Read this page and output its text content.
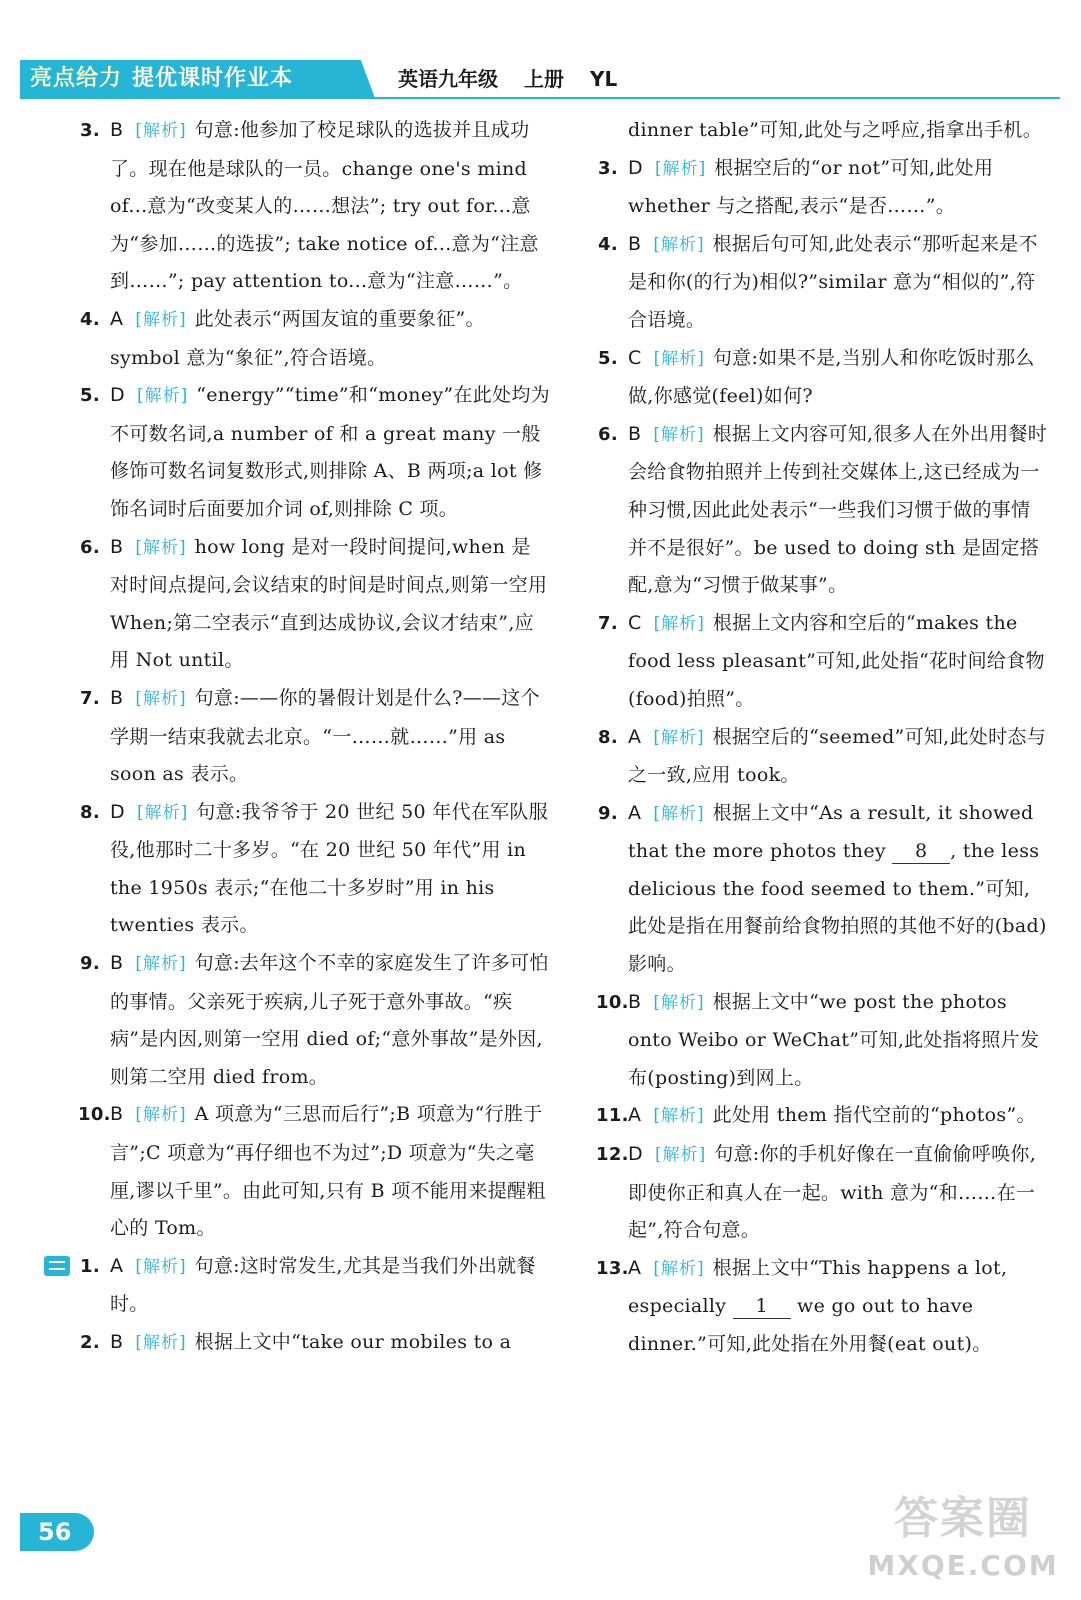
亮点给力 提优课时作业本	英语九年级 上册 YL
3. B [解析] 句意:他参加了校足球队的选拔并且成功了。现在他是球队的一员。change one's mind of...意为“改变某人的……想法”; try out for...意为“参加……的选拔”; take notice of...意为“注意到……”; pay attention to...意为“注意……”。
4. A [解析] 此处表示“两国友谊的重要象征”。symbol 意为“象征”,符合语境。
5. D [解析] “energy”“time”和“money”在此处均为不可数名词,a number of 和 a great many 一般修饰可数名词复数形式,则排除 A、B 两项;a lot 修饰名词时后面要加介词 of,则排除 C 项。
6. B [解析] how long 是对一段时间提问,when 是对时间点提问,会议结束的时间是时间点,则第一空用 When;第二空表示“直到达成协议,会议才结束”,应用 Not until。
7. B [解析] 句意:——你的暑假计划是什么?——这个学期一结束我就去北京。“一……就……”用 as soon as 表示。
8. D [解析] 句意:我爷爷于 20 世纪 50 年代在军队服役,他那时二十多岁。“在 20 世纪 50 年代”用 in the 1950s 表示;“在他二十多岁时”用 in his twenties 表示。
9. B [解析] 句意:去年这个不幸的家庭发生了许多可怕的事情。父亲死于疾病,儿子死于意外事故。“疾病”是内因,则第一空用 died of;“意外事故”是外因,则第二空用 died from。
10. B [解析] A 项意为“三思而后行”;B 项意为“行胜于言”;C 项意为“再仔细也不为过”;D 项意为“失之毫厘,谬以千里”。由此可知,只有 B 项不能用来提醒粗心的 Tom。
1. A [解析] 句意:这时常发生,尤其是当我们外出就餐时。
2. B [解析] 根据上文中“take our mobiles to a
dinner table”可知,此处与之呼应,指拿出手机。
3. D [解析] 根据空后的“or not”可知,此处用 whether 与之搭配,表示“是否……”。
4. B [解析] 根据后句可知,此处表示“那听起来是不是和你(的行为)相似?”similar 意为“相似的”,符合语境。
5. C [解析] 句意:如果不是,当别人和你吃饭时那么做,你感觉(feel)如何?
6. B [解析] 根据上文内容可知,很多人在外出用餐时会给食物拍照并上传到社交媒体上,这已经成为一种习惯,因此此处表示“一些我们习惯于做的事情并不是很好”。be used to doing sth 是固定搭配,意为“习惯于做某事”。
7. C [解析] 根据上文内容和空后的“makes the food less pleasant”可知,此处指“花时间给食物(food)拍照”。
8. A [解析] 根据空后的“seemed”可知,此处时态与之一致,应用 took。
9. A [解析] 根据上文中“As a result, it showed that the more photos they 8 , the less delicious the food seemed to them.”可知,此处是指在用餐前给食物拍照的其他不好的(bad)影响。
10. B [解析] 根据上文中“we post the photos onto Weibo or WeChat”可知,此处指将照片发布(posting)到网上。
11. A [解析] 此处用 them 指代空前的“photos”。
12. D [解析] 句意:你的手机好像在一直偷偷呼唤你,即使你正和真人在一起。with 意为“和……在一起”,符合句意。
13. A [解析] 根据上文中“This happens a lot, especially 1 we go out to have dinner.”可知,此处指在外用餐(eat out)。
56	答案圈
MXQE.COM
